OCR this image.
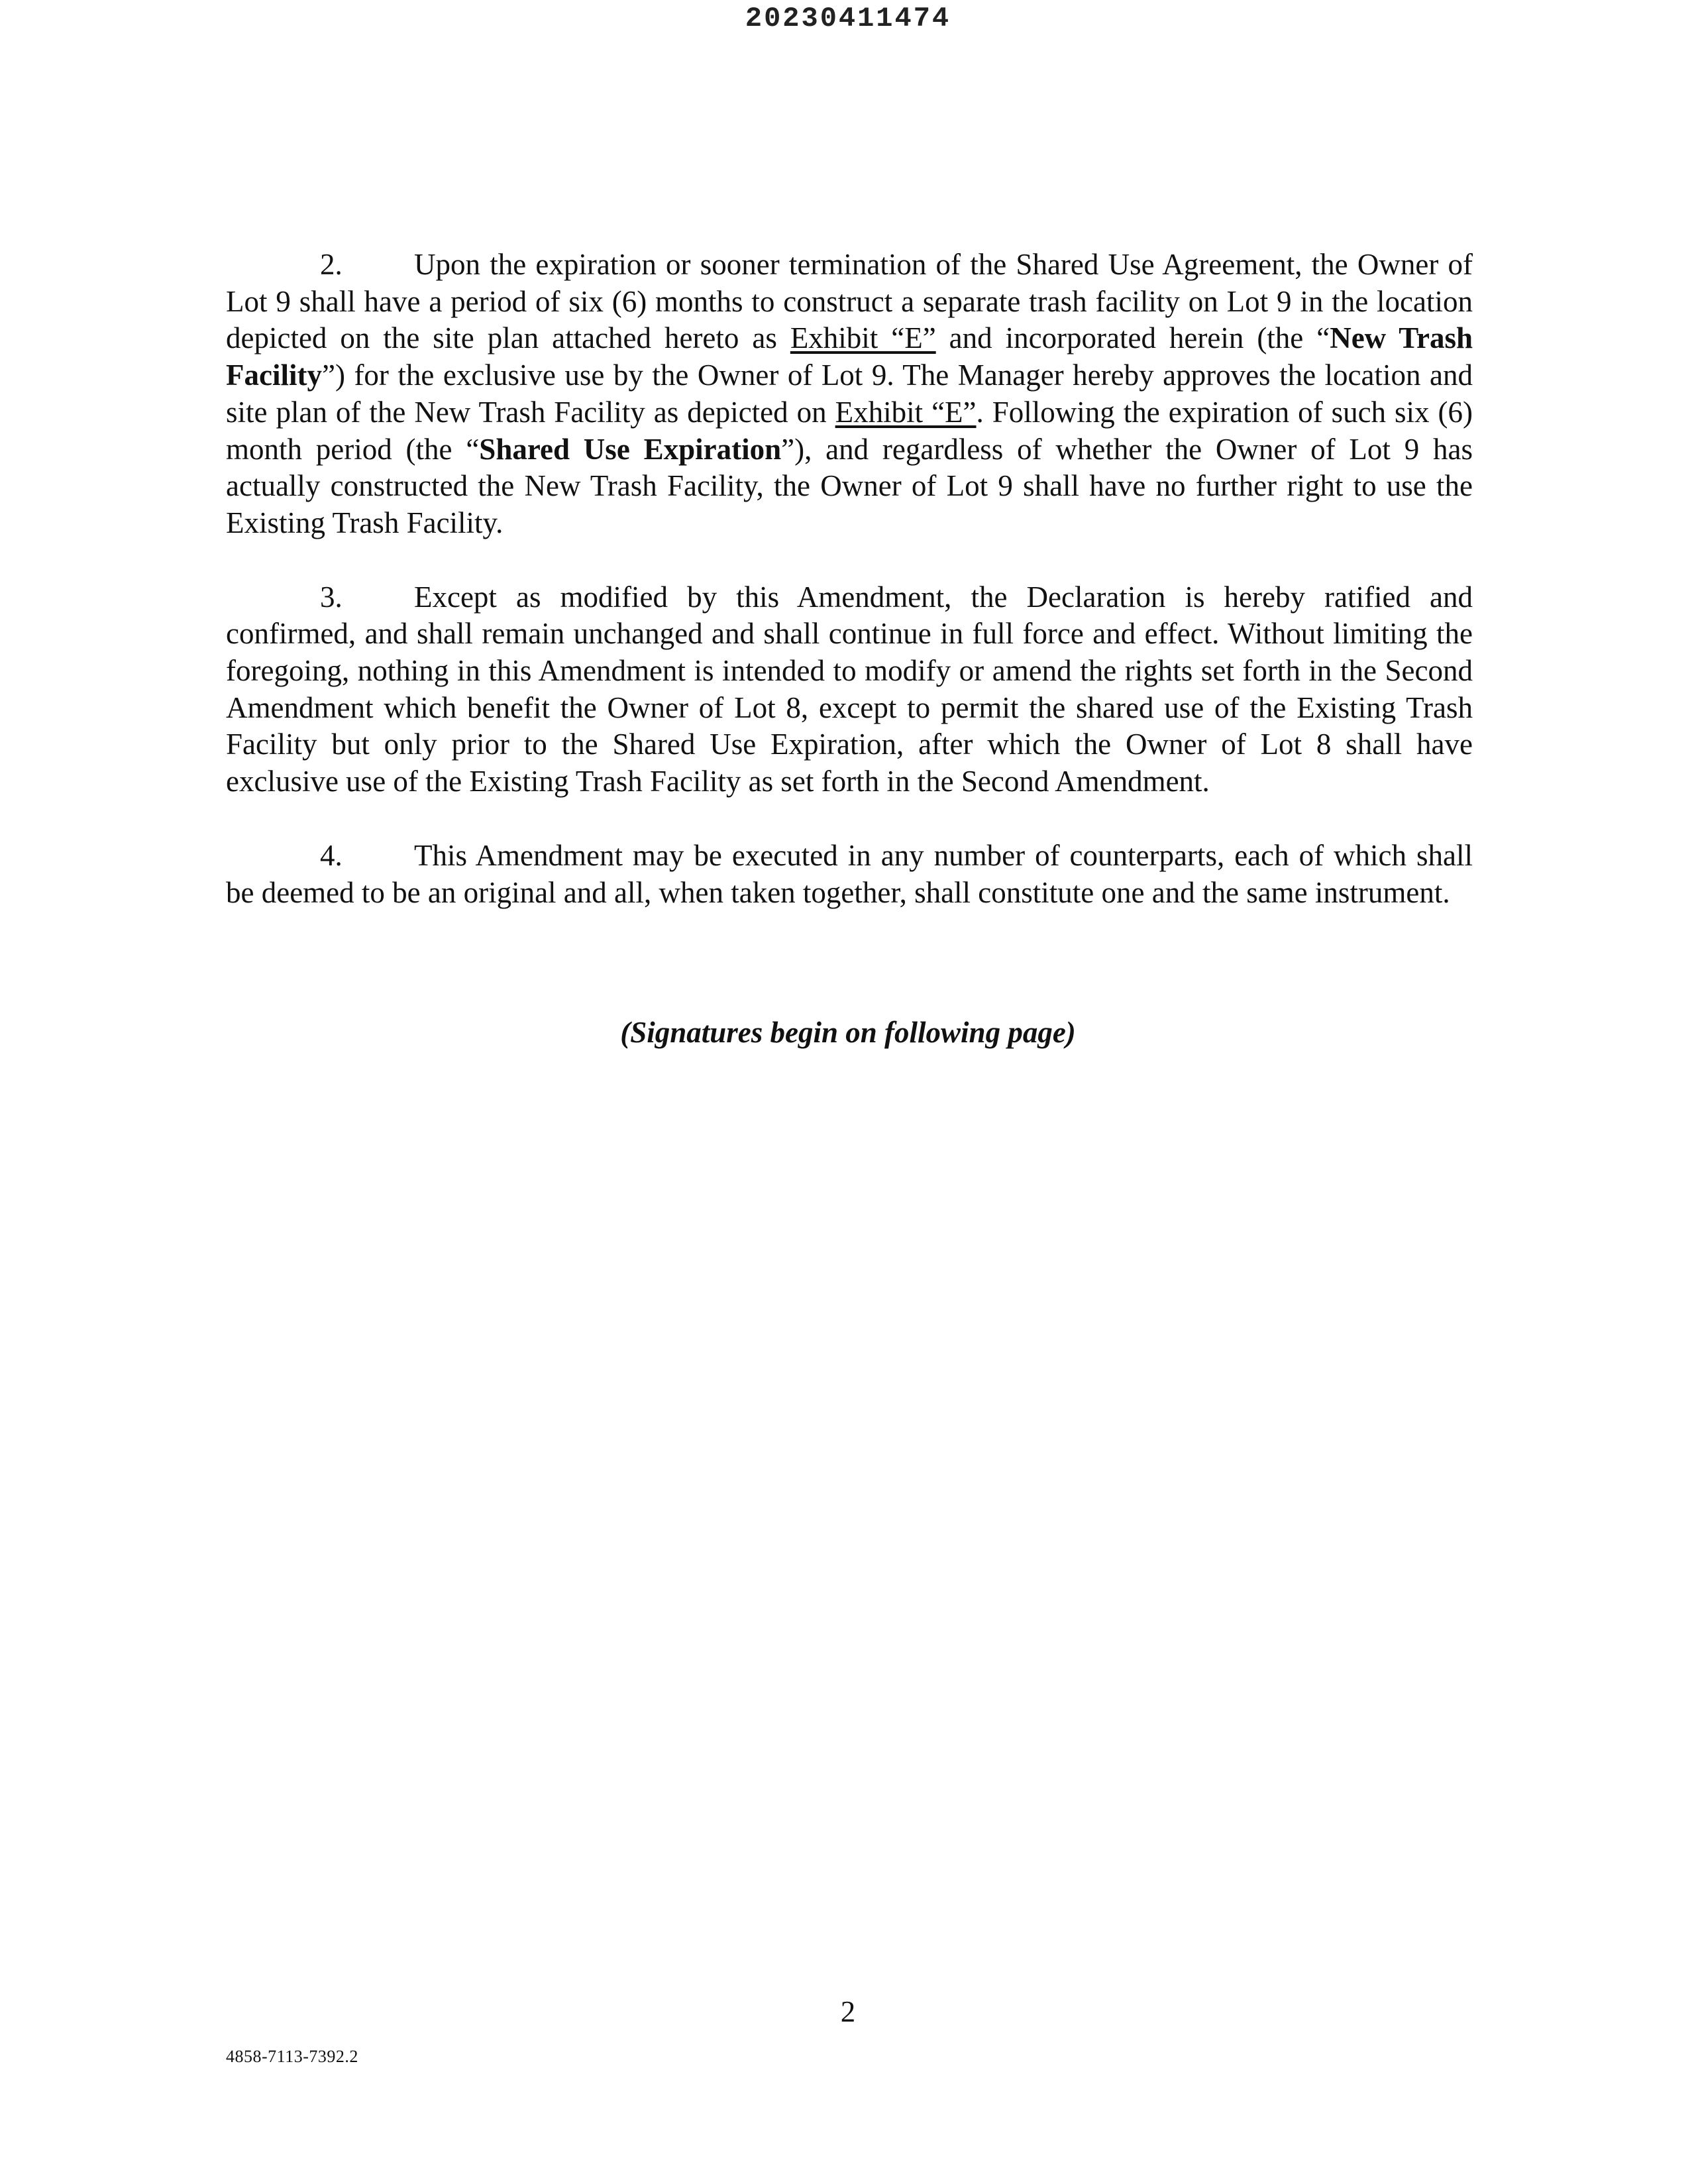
20230411474

2. Upon the expiration or sooner termination of the Shared Use Agreement, the Owner of Lot 9 shall have a period of six (6) months to construct a separate trash facility on Lot 9 in the location depicted on the site plan attached hereto as Exhibit “E” and incorporated herein (the “New Trash Facility”) for the exclusive use by the Owner of Lot 9. The Manager hereby approves the location and site plan of the New Trash Facility as depicted on Exhibit “E”. Following the expiration of such six (6) month period (the “Shared Use Expiration”), and regardless of whether the Owner of Lot 9 has actually constructed the New Trash Facility, the Owner of Lot 9 shall have no further right to use the Existing Trash Facility.

3. Except as modified by this Amendment, the Declaration is hereby ratified and confirmed, and shall remain unchanged and shall continue in full force and effect. Without limiting the foregoing, nothing in this Amendment is intended to modify or amend the rights set forth in the Second Amendment which benefit the Owner of Lot 8, except to permit the shared use of the Existing Trash Facility but only prior to the Shared Use Expiration, after which the Owner of Lot 8 shall have exclusive use of the Existing Trash Facility as set forth in the Second Amendment.

4. This Amendment may be executed in any number of counterparts, each of which shall be deemed to be an original and all, when taken together, shall constitute one and the same instrument.

(Signatures begin on following page)
2
4858-7113-7392.2
